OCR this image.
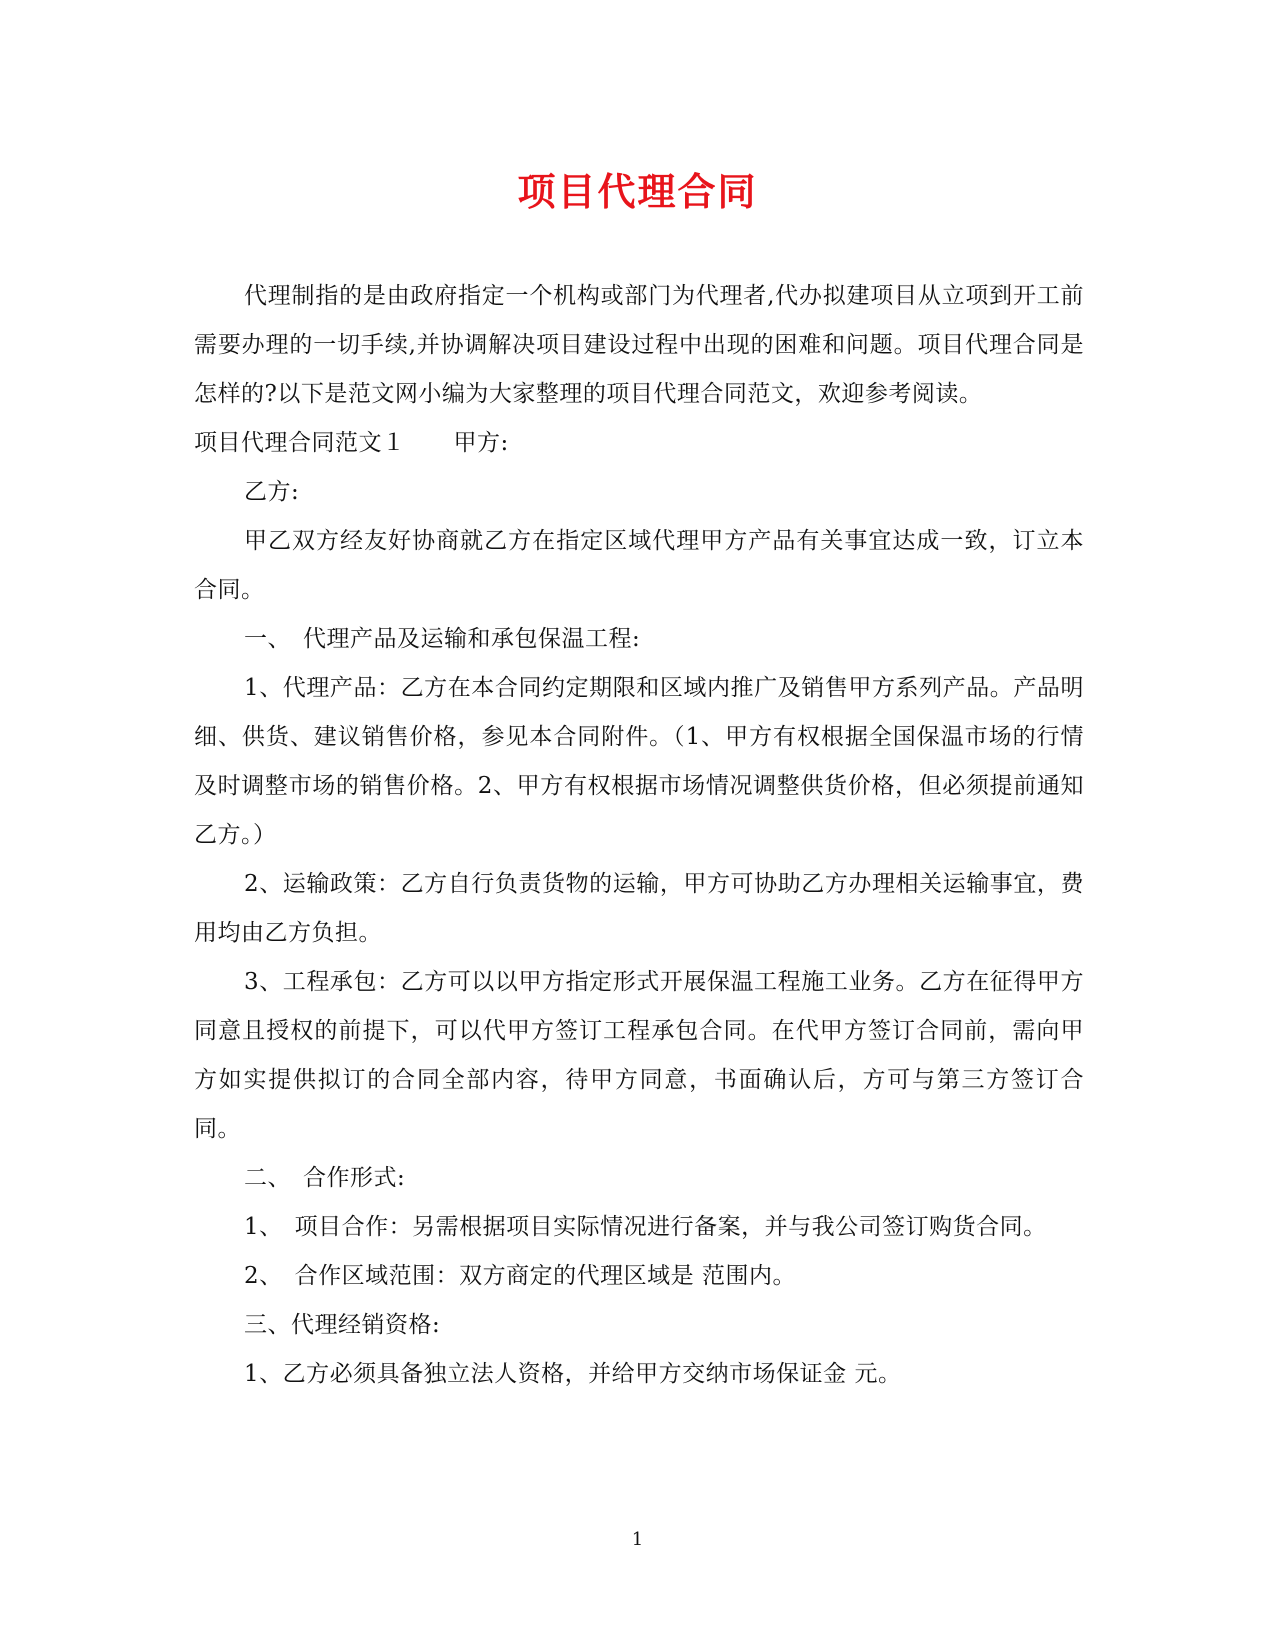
项目代理合同

代理制指的是由政府指定一个机构或部门为代理者,代办拟建项目从立项到开工前需要办理的一切手续,并协调解决项目建设过程中出现的困难和问题。项目代理合同是怎样的?以下是范文网小编为大家整理的项目代理合同范文，欢迎参考阅读。

项目代理合同范文１ 甲方:

乙方:

甲乙双方经友好协商就乙方在指定区域代理甲方产品有关事宜达成一致，订立本合同。

一、　代理产品及运输和承包保温工程:

1、代理产品：乙方在本合同约定期限和区域内推广及销售甲方系列产品。产品明细、供货、建议销售价格，参见本合同附件。（1、甲方有权根据全国保温市场的行情及时调整市场的销售价格。2、甲方有权根据市场情况调整供货价格，但必须提前通知乙方。）

2、运输政策：乙方自行负责货物的运输，甲方可协助乙方办理相关运输事宜，费用均由乙方负担。

3、工程承包：乙方可以以甲方指定形式开展保温工程施工业务。乙方在征得甲方同意且授权的前提下，可以代甲方签订工程承包合同。在代甲方签订合同前，需向甲方如实提供拟订的合同全部内容，待甲方同意，书面确认后，方可与第三方签订合同。

二、　合作形式:

1、　项目合作：另需根据项目实际情况进行备案，并与我公司签订购货合同。

2、　合作区域范围：双方商定的代理区域是 范围内。

三、代理经销资格:

1、乙方必须具备独立法人资格，并给甲方交纳市场保证金 元。

1
